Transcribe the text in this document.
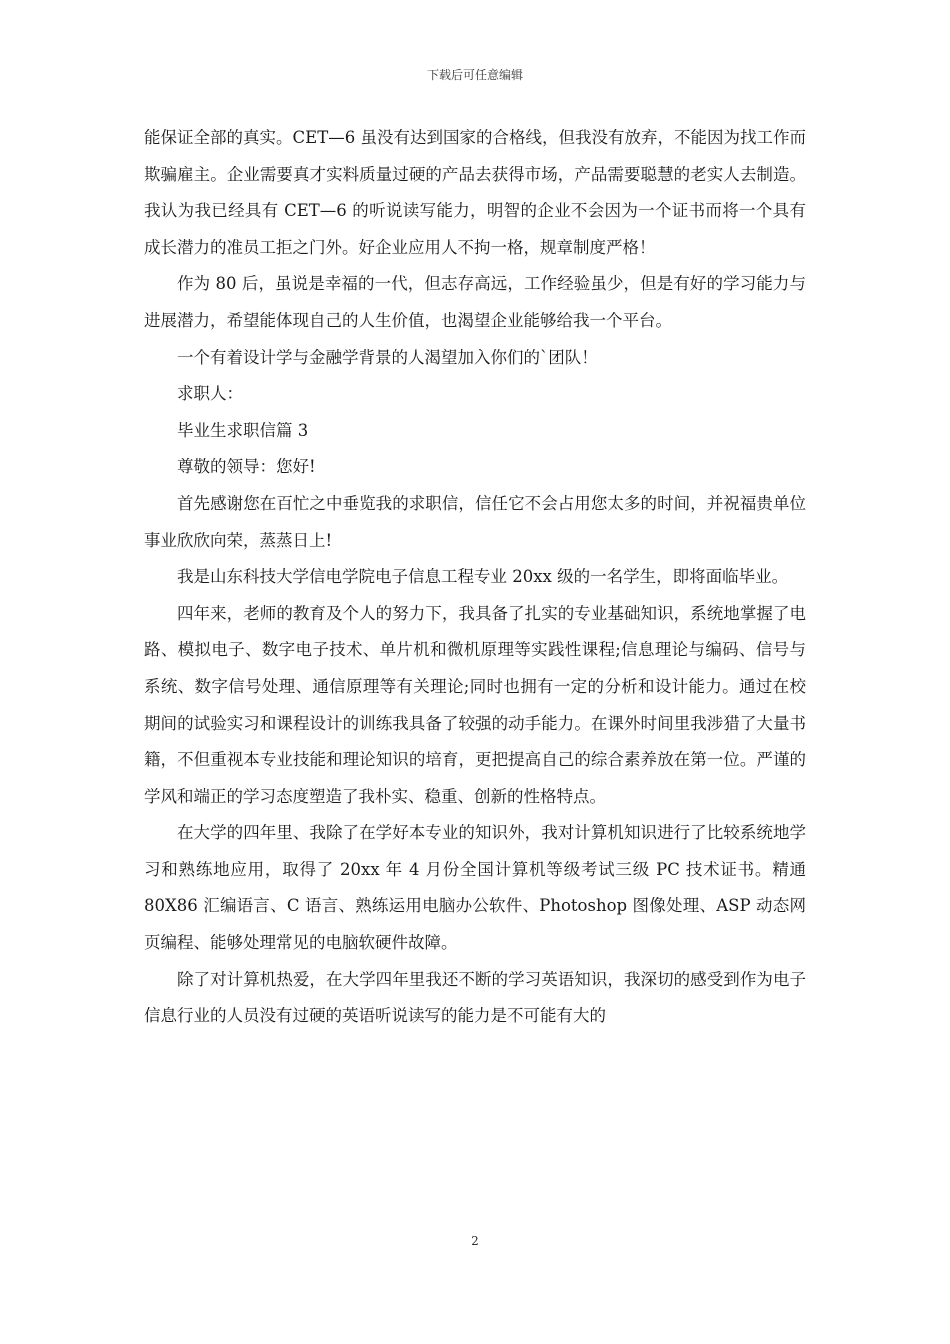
下载后可任意编辑

能保证全部的真实。CET—6 虽没有达到国家的合格线，但我没有放弃，不能因为找工作而欺骗雇主。企业需要真才实料质量过硬的产品去获得市场，产品需要聪慧的老实人去制造。我认为我已经具有 CET—6 的听说读写能力，明智的企业不会因为一个证书而将一个具有成长潜力的准员工拒之门外。好企业应用人不拘一格，规章制度严格！

作为 80 后，虽说是幸福的一代，但志存高远，工作经验虽少，但是有好的学习能力与进展潜力，希望能体现自己的人生价值，也渴望企业能够给我一个平台。

一个有着设计学与金融学背景的人渴望加入你们的`团队！

求职人：

毕业生求职信篇 3

尊敬的领导：您好!

首先感谢您在百忙之中垂览我的求职信，信任它不会占用您太多的时间，并祝福贵单位事业欣欣向荣，蒸蒸日上!

我是山东科技大学信电学院电子信息工程专业 20xx 级的一名学生，即将面临毕业。

四年来，老师的教育及个人的努力下，我具备了扎实的专业基础知识，系统地掌握了电路、模拟电子、数字电子技术、单片机和微机原理等实践性课程;信息理论与编码、信号与系统、数字信号处理、通信原理等有关理论;同时也拥有一定的分析和设计能力。通过在校期间的试验实习和课程设计的训练我具备了较强的动手能力。在课外时间里我涉猎了大量书籍，不但重视本专业技能和理论知识的培育，更把提高自己的综合素养放在第一位。严谨的学风和端正的学习态度塑造了我朴实、稳重、创新的性格特点。

在大学的四年里、我除了在学好本专业的知识外，我对计算机知识进行了比较系统地学习和熟练地应用，取得了 20xx 年 4 月份全国计算机等级考试三级 PC 技术证书。精通 80X86 汇编语言、C 语言、熟练运用电脑办公软件、Photoshop 图像处理、ASP 动态网页编程、能够处理常见的电脑软硬件故障。

除了对计算机热爱，在大学四年里我还不断的学习英语知识，我深切的感受到作为电子信息行业的人员没有过硬的英语听说读写的能力是不可能有大的

2
